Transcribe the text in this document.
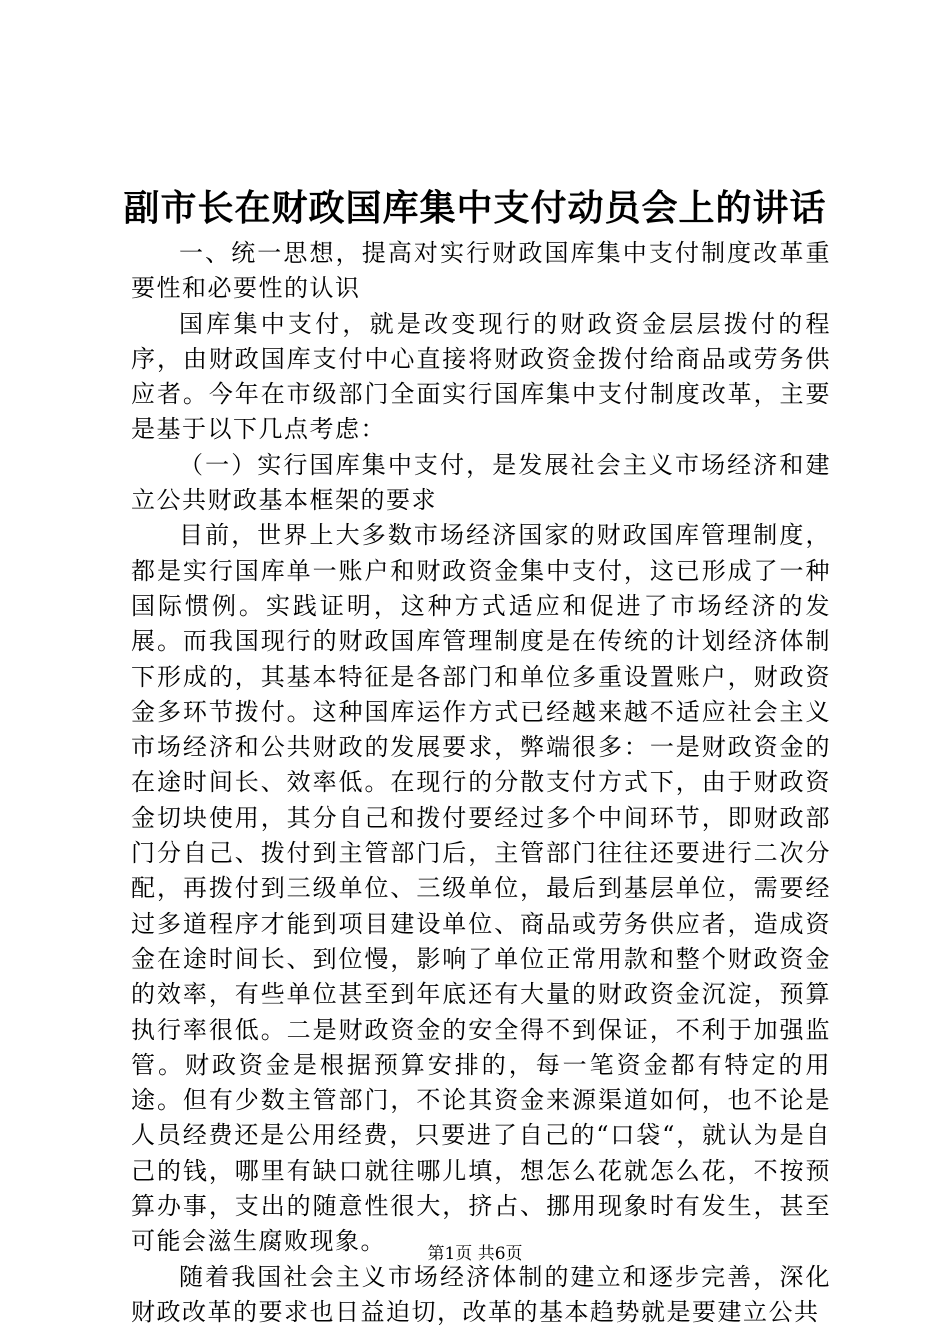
副市长在财政国库集中支付动员会上的讲话

一、统一思想，提高对实行财政国库集中支付制度改革重要性和必要性的认识

国库集中支付，就是改变现行的财政资金层层拨付的程序，由财政国库支付中心直接将财政资金拨付给商品或劳务供应者。今年在市级部门全面实行国库集中支付制度改革，主要是基于以下几点考虑：

（一）实行国库集中支付，是发展社会主义市场经济和建立公共财政基本框架的要求

目前，世界上大多数市场经济国家的财政国库管理制度，都是实行国库单一账户和财政资金集中支付，这已形成了一种国际惯例。实践证明，这种方式适应和促进了市场经济的发展。而我国现行的财政国库管理制度是在传统的计划经济体制下形成的，其基本特征是各部门和单位多重设置账户，财政资金多环节拨付。这种国库运作方式已经越来越不适应社会主义市场经济和公共财政的发展要求，弊端很多：一是财政资金的在途时间长、效率低。在现行的分散支付方式下，由于财政资金切块使用，其分自己和拨付要经过多个中间环节，即财政部门分自己、拨付到主管部门后，主管部门往往还要进行二次分配，再拨付到三级单位、三级单位，最后到基层单位，需要经过多道程序才能到项目建设单位、商品或劳务供应者，造成资金在途时间长、到位慢，影响了单位正常用款和整个财政资金的效率，有些单位甚至到年底还有大量的财政资金沉淀，预算执行率很低。二是财政资金的安全得不到保证，不利于加强监管。财政资金是根据预算安排的，每一笔资金都有特定的用途。但有少数主管部门，不论其资金来源渠道如何，也不论是人员经费还是公用经费，只要进了自己的“口袋“，就认为是自己的钱，哪里有缺口就往哪儿填，想怎么花就怎么花，不按预算办事，支出的随意性很大，挤占、挪用现象时有发生，甚至可能会滋生腐败现象。

随着我国社会主义市场经济体制的建立和逐步完善，深化财政改革的要求也日益迫切，改革的基本趋势就是要建立公共

第1页 共6页
